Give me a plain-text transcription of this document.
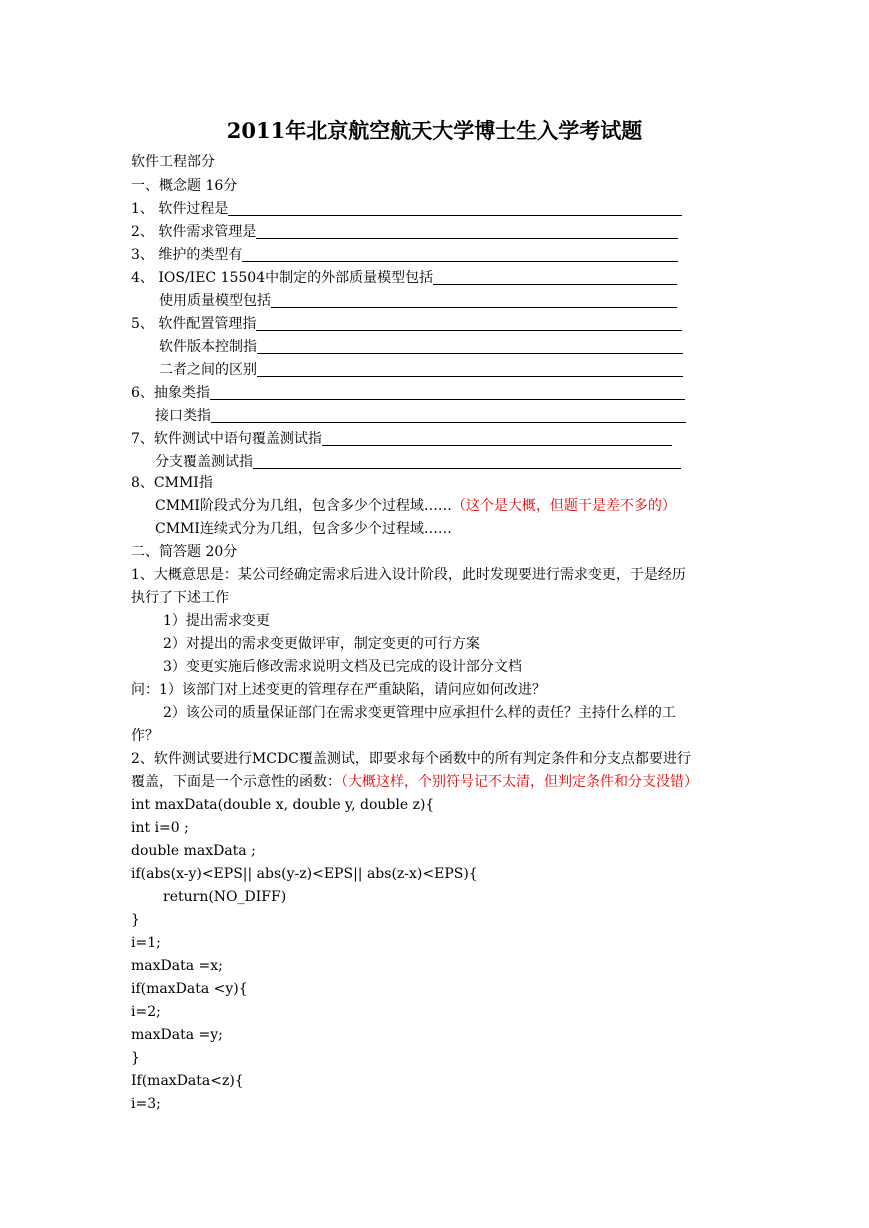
2011年北京航空航天大学博士生入学考试题
软件工程部分
一、概念题 16分
1、 软件过程是
2、 软件需求管理是
3、 维护的类型有
4、 IOS/IEC 15504中制定的外部质量模型包括
使用质量模型包括
5、 软件配置管理指
软件版本控制指
二者之间的区别
6、抽象类指
接口类指
7、软件测试中语句覆盖测试指
分支覆盖测试指
8、CMMI指
CMMI阶段式分为几组，包含多少个过程域……（这个是大概，但题干是差不多的）
CMMI连续式分为几组，包含多少个过程域……
二、简答题 20分
1、大概意思是：某公司经确定需求后进入设计阶段，此时发现要进行需求变更，于是经历
执行了下述工作
1）提出需求变更
2）对提出的需求变更做评审，制定变更的可行方案
3）变更实施后修改需求说明文档及已完成的设计部分文档
问：1）该部门对上述变更的管理存在严重缺陷，请问应如何改进？
2）该公司的质量保证部门在需求变更管理中应承担什么样的责任？主持什么样的工
作？
2、软件测试要进行MCDC覆盖测试，即要求每个函数中的所有判定条件和分支点都要进行
覆盖，下面是一个示意性的函数：（大概这样，个别符号记不太清，但判定条件和分支没错）
int maxData(double x, double y, double z){
int i=0 ;
double maxData ;
if(abs(x-y)<EPS|| abs(y-z)<EPS|| abs(z-x)<EPS){
return(NO_DIFF)
}
i=1;
maxData =x;
if(maxData <y){
i=2;
maxData =y;
}
If(maxData<z){
i=3;
